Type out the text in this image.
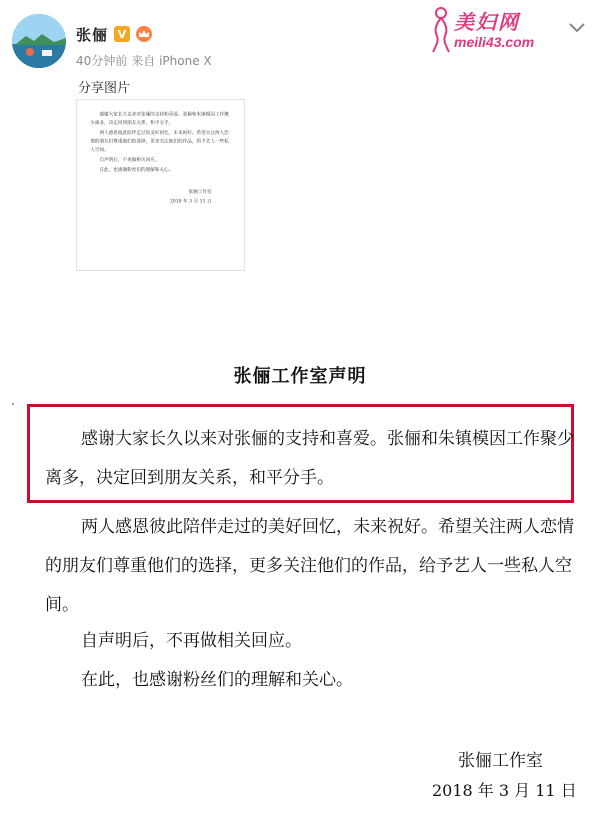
张俪 V
40分钟前 来自 iPhone X
分享图片
美妇网
meili43.com
感谢大家长久以来对张俪的支持和喜爱。张俪和朱镇模因工作聚少离多，决定回到朋友关系，和平分手。
两人感恩彼此陪伴走过的美好回忆，未来祝好。希望关注两人恋情的朋友们尊重他们的选择，更多关注他们的作品，给予艺人一些私人空间。
自声明后，不再做相关回应。
在此，也感谢粉丝们的理解和关心。
张俪工作室
2018 年 3 月 11 日
张俪工作室声明
感谢大家长久以来对张俪的支持和喜爱。张俪和朱镇模因工作聚少离多，决定回到朋友关系，和平分手。
两人感恩彼此陪伴走过的美好回忆，未来祝好。希望关注两人恋情的朋友们尊重他们的选择，更多关注他们的作品，给予艺人一些私人空间。
自声明后，不再做相关回应。
在此，也感谢粉丝们的理解和关心。
张俪工作室
2018 年 3 月 11 日
